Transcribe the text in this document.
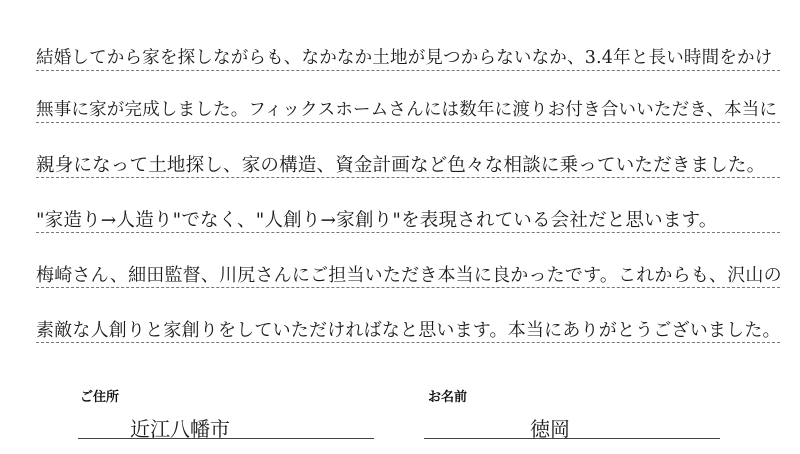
結婚してから家を探しながらも、なかなか土地が見つからないなか、3.4年と長い時間をかけ
無事に家が完成しました。フィックスホームさんには数年に渡りお付き合いいただき、本当に
親身になって土地探し、家の構造、資金計画など色々な相談に乗っていただきました。
"家造り→人造り"でなく、"人創り→家創り"を表現されている会社だと思います。
梅崎さん、細田監督、川尻さんにご担当いただき本当に良かったです。これからも、沢山の
素敵な人創りと家創りをしていただければなと思います。本当にありがとうございました。
ご住所
近江八幡市
お名前
徳岡
